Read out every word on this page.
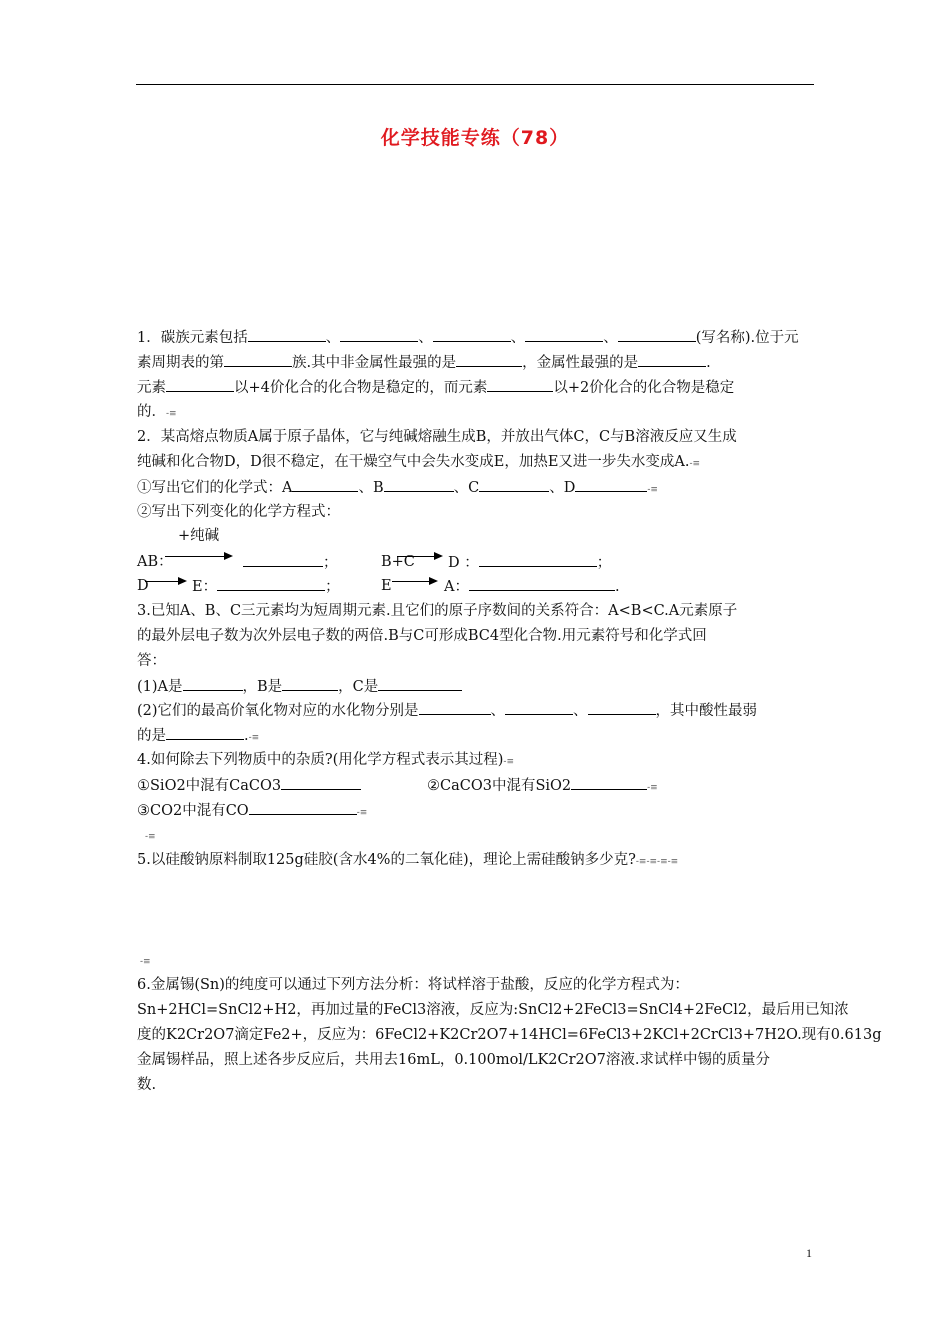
化学技能专练（78）
1．碳族元素包括	、	、	、	、	(写名称).位于元
素周期表的第	族.其中非金属性最强的是	，金属性最强的是	.
元素	以+4价化合的化合物是稳定的，而元素	以+2价化合的化合物是稳定
的．-≡
2．某高熔点物质A属于原子晶体，它与纯碱熔融生成B，并放出气体C，C与B溶液反应又生成
纯碱和化合物D，D很不稳定，在干燥空气中会失水变成E，加热E又进一步失水变成A.-≡
①写出它们的化学式：A	、B	、C	、D	-≡
②写出下列变化的化学方程式：
+纯碱
AB：	；	B+C → D ：	；
D → E：	；	E → A：	.
3.已知A、B、C三元素均为短周期元素.且它们的原子序数间的关系符合：A<B<C.A元素原子
的最外层电子数为次外层电子数的两倍.B与C可形成BC4型化合物.用元素符号和化学式回
答：
(1)A是	，B是	，C是
(2)它们的最高价氧化物对应的水化物分别是	、	、	，其中酸性最弱
的是	.-≡
4.如何除去下列物质中的杂质?(用化学方程式表示其过程)-≡
①SiO2中混有CaCO3	②CaCO3中混有SiO2	-≡
③CO2中混有CO	-≡
-≡
5.以硅酸钠原料制取125g硅胶(含水4%的二氧化硅)，理论上需硅酸钠多少克?-≡-≡-≡-≡
-≡
6.金属锡(Sn)的纯度可以通过下列方法分析：将试样溶于盐酸，反应的化学方程式为：
Sn+2HCl=SnCl2+H2，再加过量的FeCl3溶液，反应为:SnCl2+2FeCl3=SnCl4+2FeCl2，最后用已知浓
度的K2Cr2O7滴定Fe2+，反应为：6FeCl2+K2Cr2O7+14HCl=6FeCl3+2KCl+2CrCl3+7H2O.现有0.613g
金属锡样品，照上述各步反应后，共用去16mL，0.100mol/LK2Cr2O7溶液.求试样中锡的质量分
数.
1
